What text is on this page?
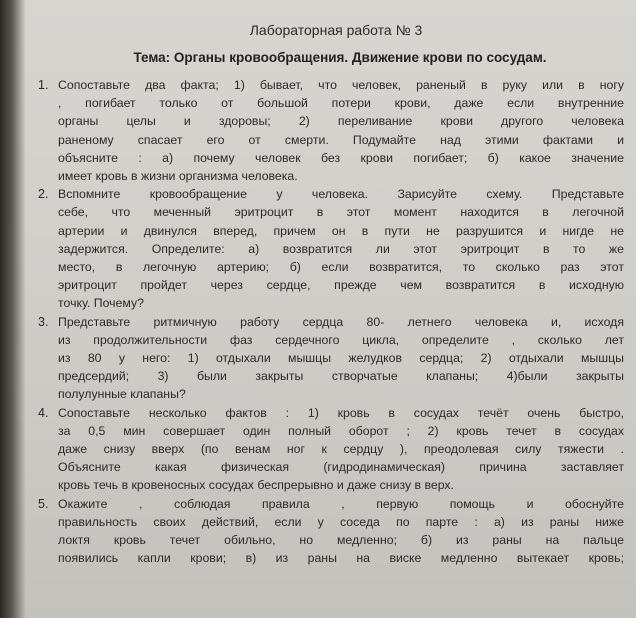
Лабораторная работа № 3
Тема: Органы кровообращения. Движение крови по сосудам.
1. Сопоставьте два факта; 1) бывает, что человек, раненый в руку или в ногу
, погибает только от большой потери крови, даже если внутренние
органы целы и здоровы; 2) переливание крови другого человека
раненому спасает его от смерти. Подумайте над этими фактами и
объясните : а) почему человек без крови погибает; б) какое значение
имеет кровь в жизни организма человека.
2. Вспомните кровообращение у человека. Зарисуйте схему. Представьте
себе, что меченный эритроцит в этот момент находится в легочной
артерии и двинулся вперед, причем он в пути не разрушится и нигде не
задержится. Определите: а) возвратится ли этот эритроцит в то же
место, в легочную артерию; б) если возвратится, то сколько раз этот
эритроцит пройдет через сердце, прежде чем возвратится в исходную
точку. Почему?
3. Представьте ритмичную работу сердца 80- летнего человека и, исходя
из продолжительности фаз сердечного цикла, определите , сколько лет
из 80 у него: 1) отдыхали мышцы желудков сердца; 2) отдыхали мышцы
предсердий; 3) были закрыты створчатые клапаны; 4)были закрыты
полулунные клапаны?
4. Сопоставьте несколько фактов : 1) кровь в сосудах течёт очень быстро,
за 0,5 мин совершает один полный оборот ; 2) кровь течет в сосудах
даже снизу вверх (по венам ног к сердцу ), преодолевая силу тяжести .
Объясните какая физическая (гидродинамическая) причина заставляет
кровь течь в кровеносных сосудах беспрерывно и даже снизу в верх.
5. Окажите , соблюдая правила , первую помощь и обоснуйте
правильность своих действий, если у соседа по парте : а) из раны ниже
локтя кровь течет обильно, но медленно; б) из раны на пальце
появились капли крови; в) из раны на виске медленно вытекает кровь;
